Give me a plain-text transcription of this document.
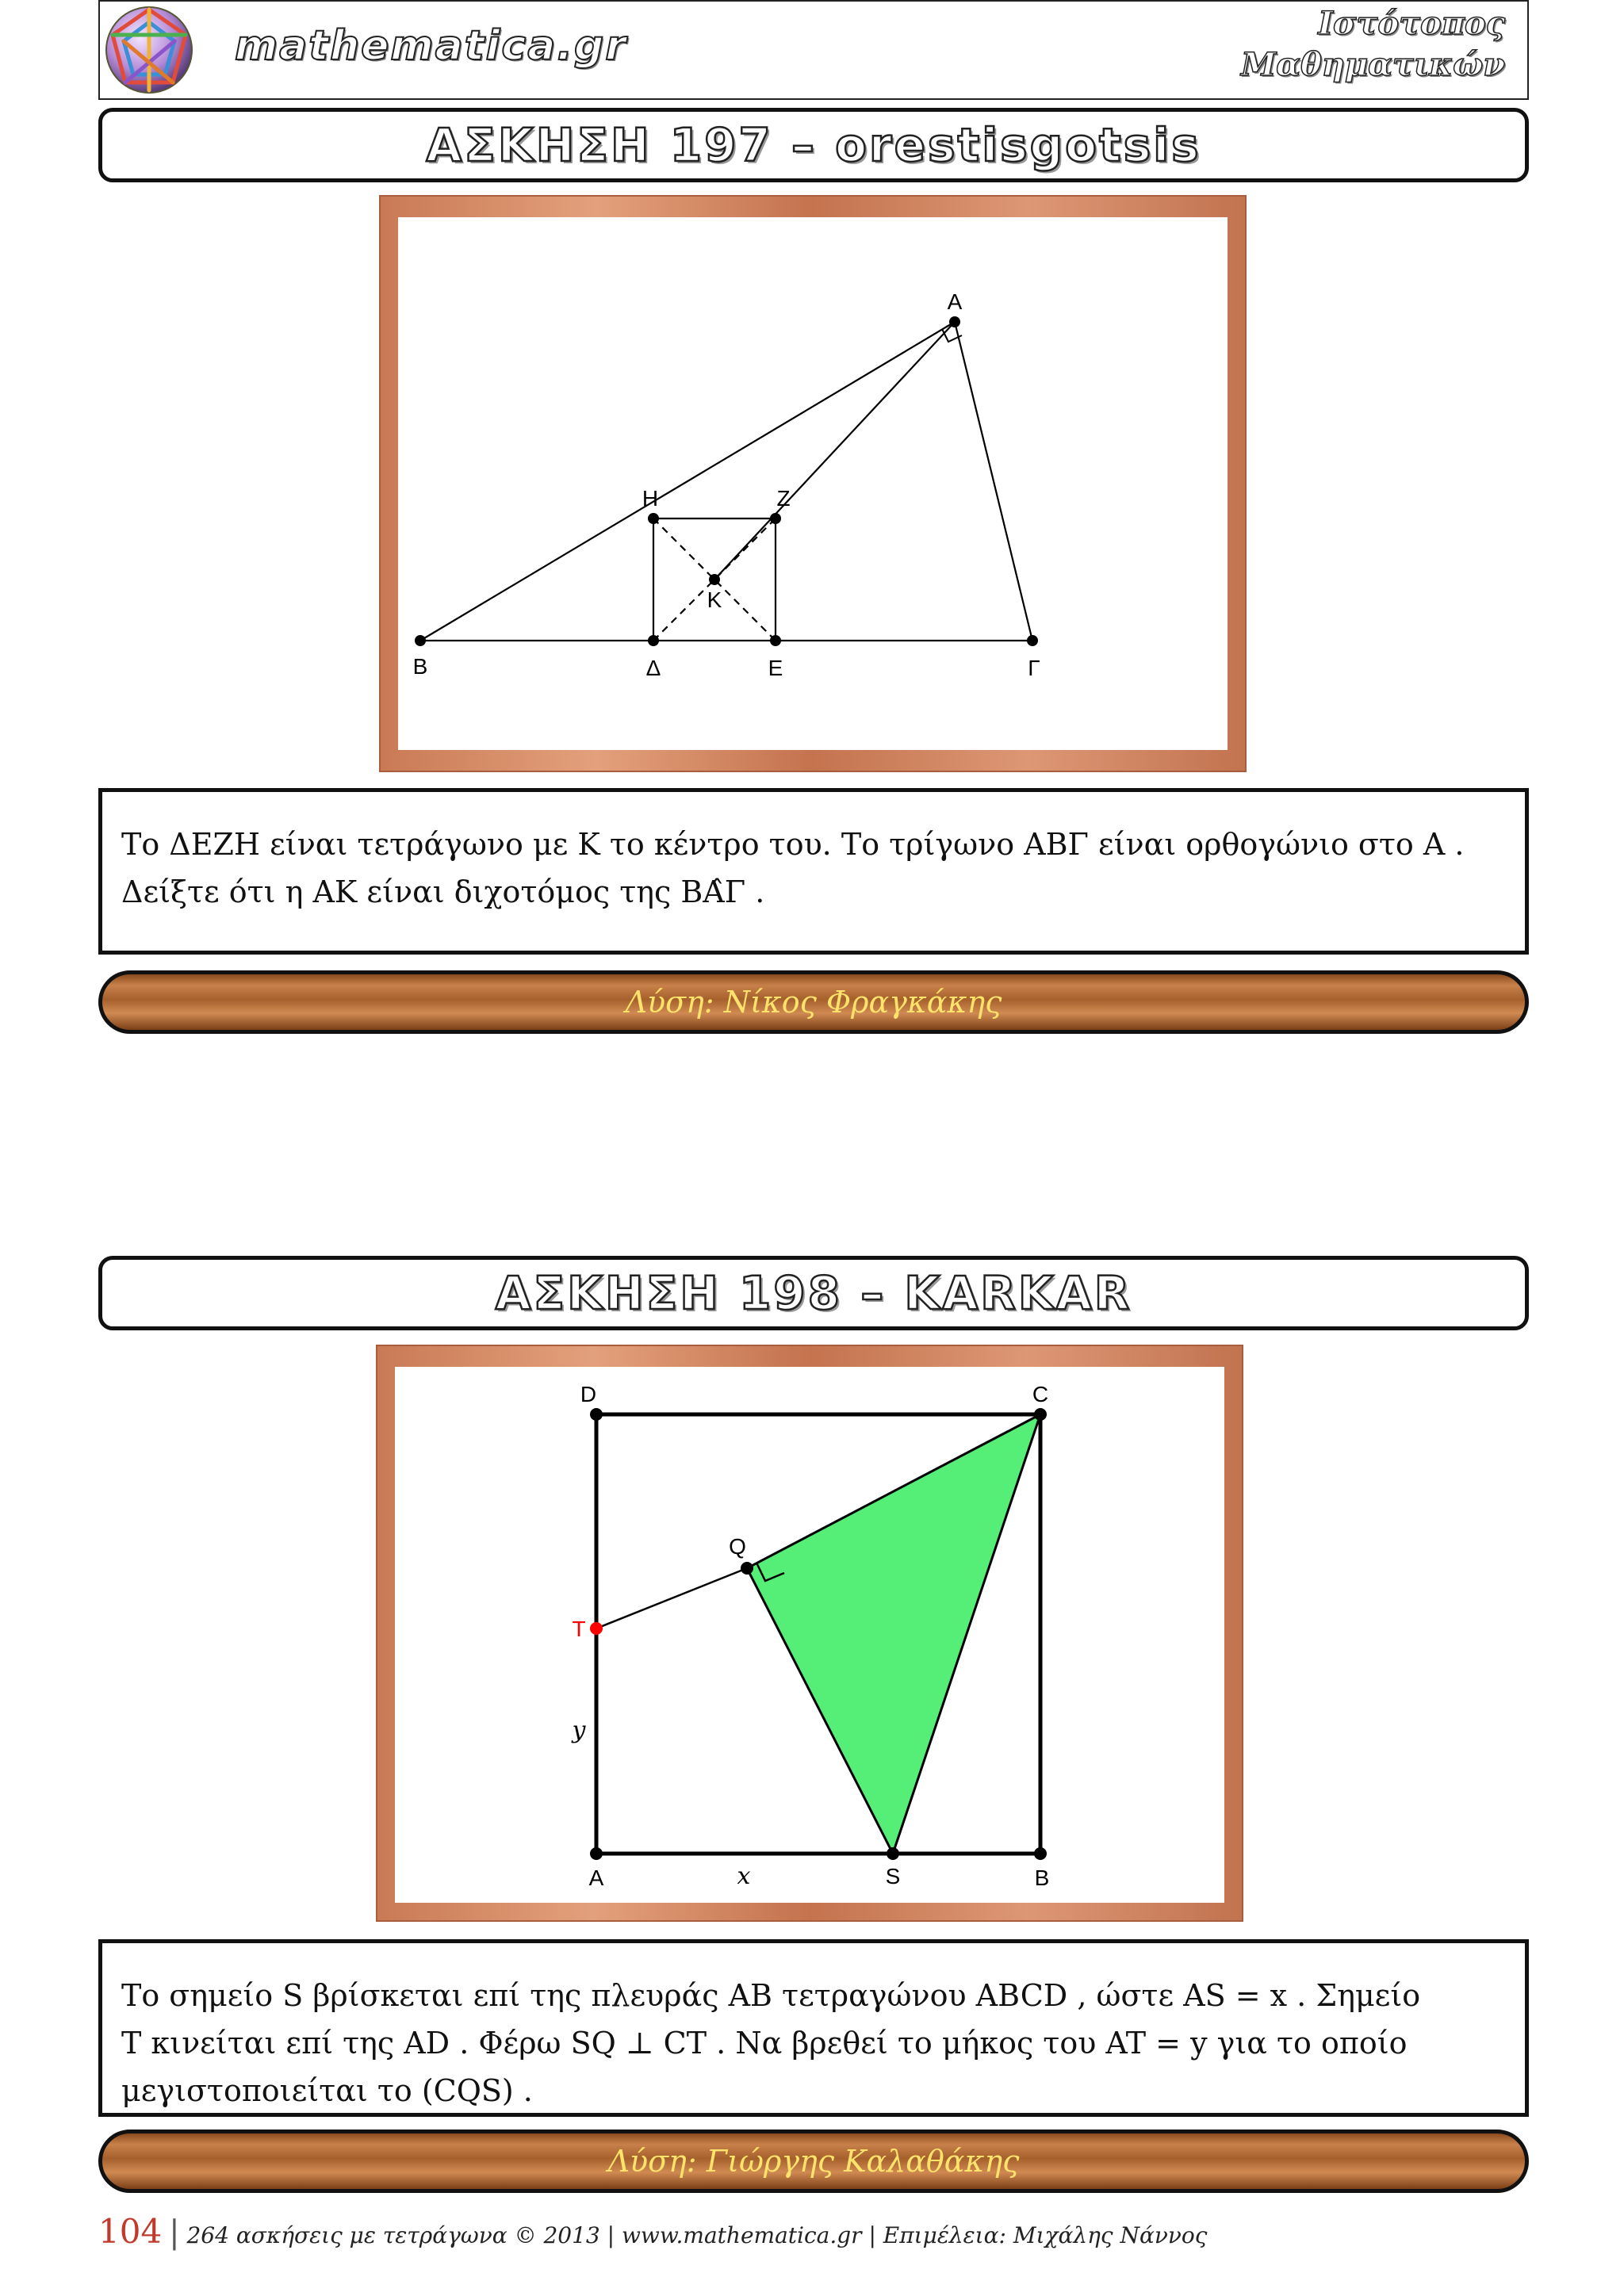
mathematica.gr	Ιστότοπος
Μαθηματικών
ΑΣΚΗΣΗ 197 – orestisgotsis
Α
Η	Ζ
Κ
Β	Δ	Ε	Γ

Το ΔΕΖΗ είναι τετράγωνο με Κ το κέντρο του. Το τρίγωνο ΑΒΓ είναι ορθογώνιο στο Α .

Δείξτε ότι η ΑΚ είναι διχοτόμος της ΒΑ̂Γ .

Λύση: Νίκος Φραγκάκης
ΑΣΚΗΣΗ 198 – KARKAR
D	C
Q
T
y
A	x	S	B

Το σημείο S βρίσκεται επί της πλευράς AB τετραγώνου ABCD , ώστε AS = x . Σημείο

T κινείται επί της AD . Φέρω SQ ⊥ CT . Να βρεθεί το μήκος του AT = y για το οποίο

μεγιστοποιείται το (CQS) .

Λύση: Γιώργης Καλαθάκης
104 | 264 ασκήσεις με τετράγωνα © 2013 | www.mathematica.gr | Επιμέλεια: Μιχάλης Νάννος
